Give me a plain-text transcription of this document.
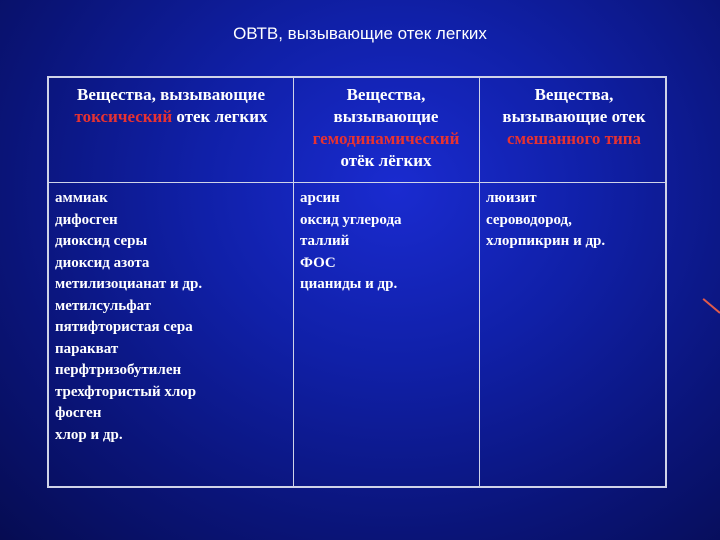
ОВТВ, вызывающие отек легких
Вещества, вызывающие
токсический отек легких
Вещества,
вызывающие
гемодинамический
отёк лёгких
Вещества,
вызывающие отек
смешанного типа
аммиак
дифосген
диоксид серы
диоксид азота
метилизоцианат и др.
метилсульфат
пятифтористая сера
паракват
перфтризобутилен
трехфтористый хлор
фосген
хлор и др.
арсин
оксид углерода
таллий
ФОС
цианиды и др.
люизит
сероводород,
хлорпикрин и др.
